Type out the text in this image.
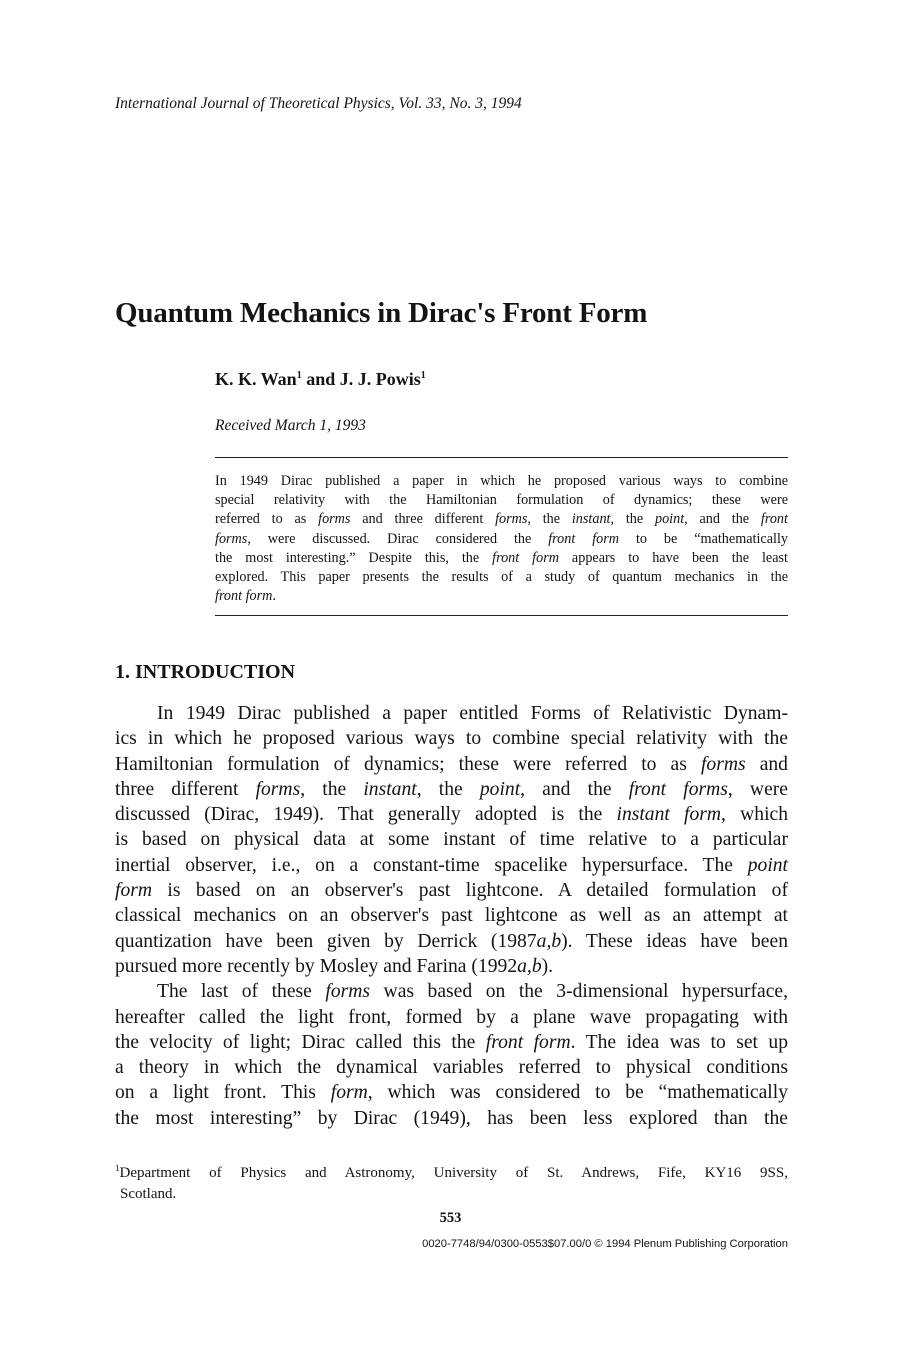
International Journal of Theoretical Physics, Vol. 33, No. 3, 1994
Quantum Mechanics in Dirac's Front Form
K. K. Wan$^1$ and J. J. Powis$^1$
Received March 1, 1993
In 1949 Dirac published a paper in which he proposed various ways to combine
special relativity with the Hamiltonian formulation of dynamics; these were
referred to as forms and three different forms, the instant, the point, and the front
forms, were discussed. Dirac considered the front form to be “mathematically
the most interesting.” Despite this, the front form appears to have been the least
explored. This paper presents the results of a study of quantum mechanics in the
front form.
1. INTRODUCTION
In 1949 Dirac published a paper entitled Forms of Relativistic Dynam-
ics in which he proposed various ways to combine special relativity with the
Hamiltonian formulation of dynamics; these were referred to as forms and
three different forms, the instant, the point, and the front forms, were
discussed (Dirac, 1949). That generally adopted is the instant form, which
is based on physical data at some instant of time relative to a particular
inertial observer, i.e., on a constant-time spacelike hypersurface. The point
form is based on an observer's past lightcone. A detailed formulation of
classical mechanics on an observer's past lightcone as well as an attempt at
quantization have been given by Derrick (1987a,b). These ideas have been
pursued more recently by Mosley and Farina (1992a,b).
The last of these forms was based on the 3-dimensional hypersurface,
hereafter called the light front, formed by a plane wave propagating with
the velocity of light; Dirac called this the front form. The idea was to set up
a theory in which the dynamical variables referred to physical conditions
on a light front. This form, which was considered to be “mathematically
the most interesting” by Dirac (1949), has been less explored than the
$^1$Department of Physics and Astronomy, University of St. Andrews, Fife, KY16 9SS,
Scotland.
553
0020-7748/94/0300-0553$07.00/0 © 1994 Plenum Publishing Corporation
